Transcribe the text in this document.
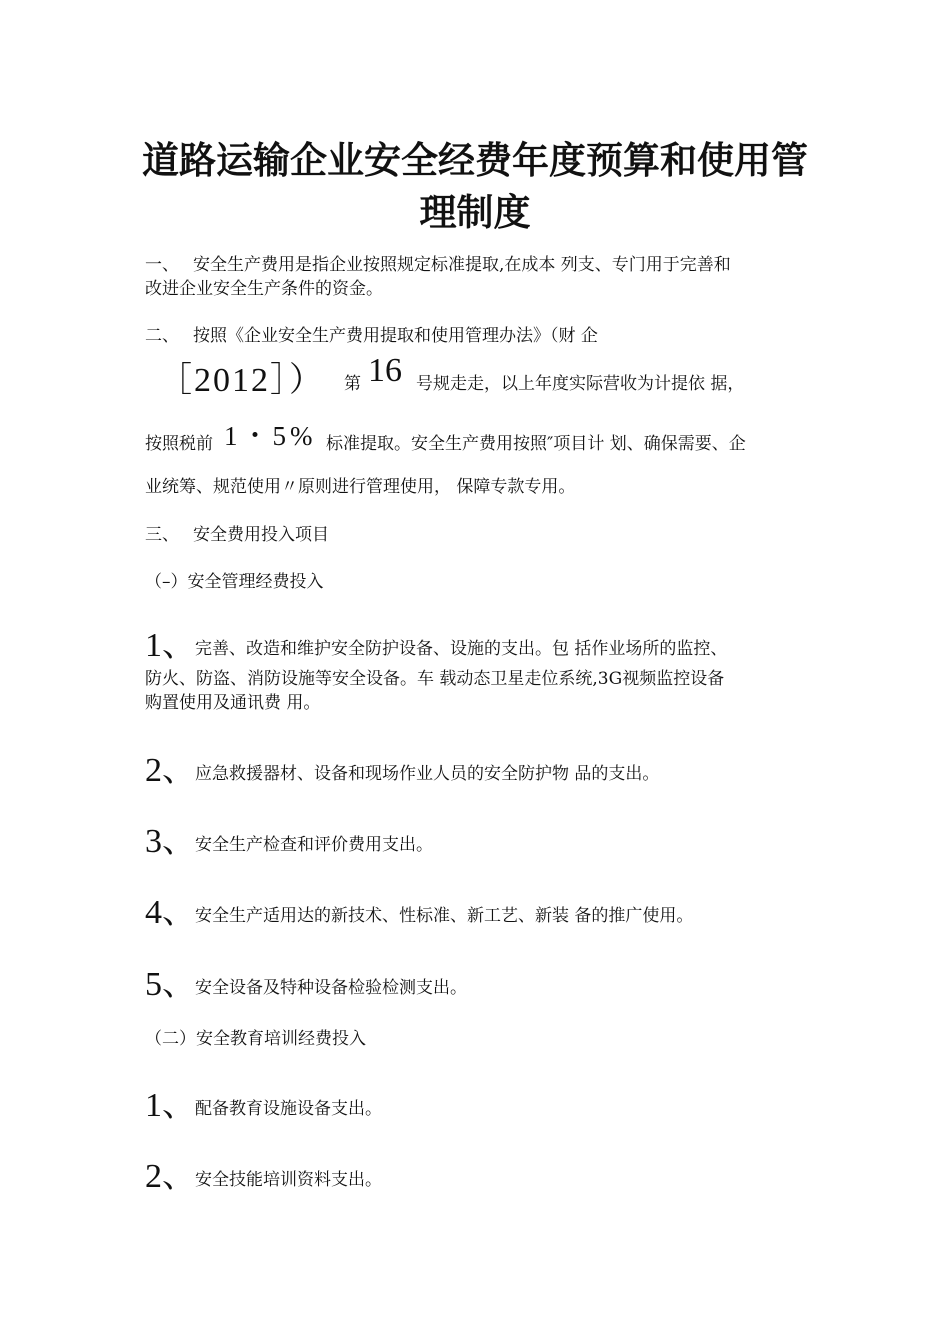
道路运输企业安全经费年度预算和使用管
理制度
一、 安全生产费用是指企业按照规定标准提取,在成本 列支、专门用于完善和
改进企业安全生产条件的资金。
二、 按照《企业安全生产费用提取和使用管理办法》（财 企
［2012］） 第 16 号规走走，以上年度实际营收为计提依 据，
按照税前 1・5% 标准提取。安全生产费用按照″项目计 划、确保需要、企
业统筹、规范使用〃原则进行管理使用， 保障专款专用。
三、 安全费用投入项目
（–）安全管理经费投入
1、 完善、改造和维护安全防护设备、设施的支出。包 括作业场所的监控、
防火、防盗、消防设施等安全设备。车 载动态卫星走位系统,3G视频监控设备
购置使用及通讯费 用。
2、 应急救援器材、设备和现场作业人员的安全防护物 品的支出。
3、 安全生产检查和评价费用支出。
4、 安全生产适用达的新技术、性标准、新工艺、新装 备的推广使用。
5、 安全设备及特种设备检验检测支出。
（二）安全教育培训经费投入
1、 配备教育设施设备支出。
2、 安全技能培训资料支出。
